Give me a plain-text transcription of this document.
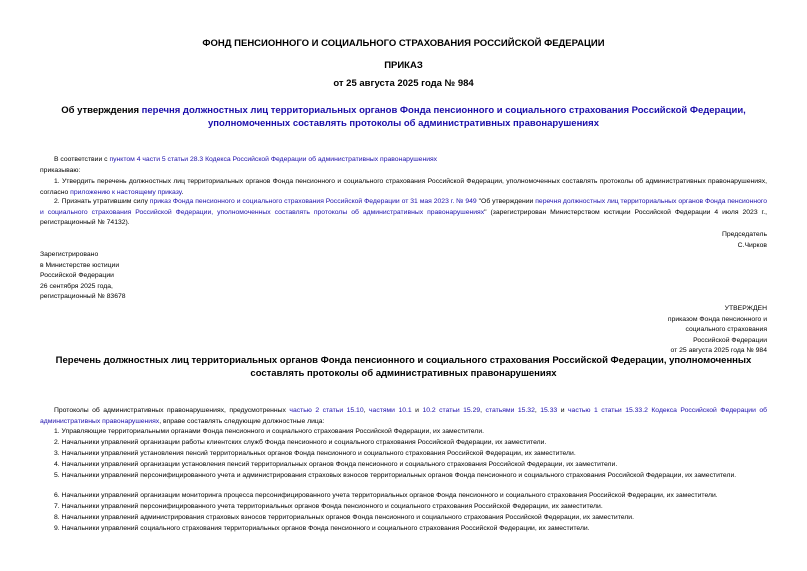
ФОНД ПЕНСИОННОГО И СОЦИАЛЬНОГО СТРАХОВАНИЯ РОССИЙСКОЙ ФЕДЕРАЦИИ
ПРИКАЗ
от 25 августа 2025 года № 984
Об утверждения перечня должностных лиц территориальных органов Фонда пенсионного и социального страхования Российской Федерации, уполномоченных составлять протоколы об административных правонарушениях
В соответствии с пунктом 4 части 5 статьи 28.3 Кодекса Российской Федерации об административных правонарушениях
приказываю:
1. Утвердить перечень должностных лиц территориальных органов Фонда пенсионного и социального страхования Российской Федерации, уполномоченных составлять протоколы об административных правонарушениях, согласно приложению к настоящему приказу.
2. Признать утратившим силу приказ Фонда пенсионного и социального страхования Российской Федерации от 31 мая 2023 г. № 949 "Об утверждении перечня должностных лиц территориальных органов Фонда пенсионного и социального страхования Российской Федерации, уполномоченных составлять протоколы об административных правонарушениях" (зарегистрирован Министерством юстиции Российской Федерации 4 июля 2023 г., регистрационный № 74132).
Председатель
С.Чирков
Зарегистрировано
в Министерстве юстиции
Российской Федерации
26 сентября 2025 года,
регистрационный № 83678
УТВЕРЖДЕН
приказом Фонда пенсионного и
социального страхования
Российской Федерации
от 25 августа 2025 года № 984
Перечень должностных лиц территориальных органов Фонда пенсионного и социального страхования Российской Федерации, уполномоченных составлять протоколы об административных правонарушениях
Протоколы об административных правонарушениях, предусмотренных частью 2 статьи 15.10, частями 10.1 и 10.2 статьи 15.29, статьями 15.32, 15.33 и частью 1 статьи 15.33.2 Кодекса Российской Федерации об административных правонарушениях, вправе составлять следующие должностные лица:
1. Управляющие территориальными органами Фонда пенсионного и социального страхования Российской Федерации, их заместители.
2. Начальники управлений организации работы клиентских служб Фонда пенсионного и социального страхования Российской Федерации, их заместители.
3. Начальники управлений установления пенсий территориальных органов Фонда пенсионного и социального страхования Российской Федерации, их заместители.
4. Начальники управлений организации установления пенсий территориальных органов Фонда пенсионного и социального страхования Российской Федерации, их заместители.
5. Начальники управлений персонифицированного учета и администрирования страховых взносов территориальных органов Фонда пенсионного и социального страхования Российской Федерации, их заместители.
6. Начальники управлений организации мониторинга процесса персонифицированного учета территориальных органов Фонда пенсионного и социального страхования Российской Федерации, их заместители.
7. Начальники управлений персонифицированного учета территориальных органов Фонда пенсионного и социального страхования Российской Федерации, их заместители.
8. Начальники управлений администрирования страховых взносов территориальных органов Фонда пенсионного и социального страхования Российской Федерации, их заместители.
9. Начальники управлений социального страхования территориальных органов Фонда пенсионного и социального страхования Российской Федерации, их заместители.
